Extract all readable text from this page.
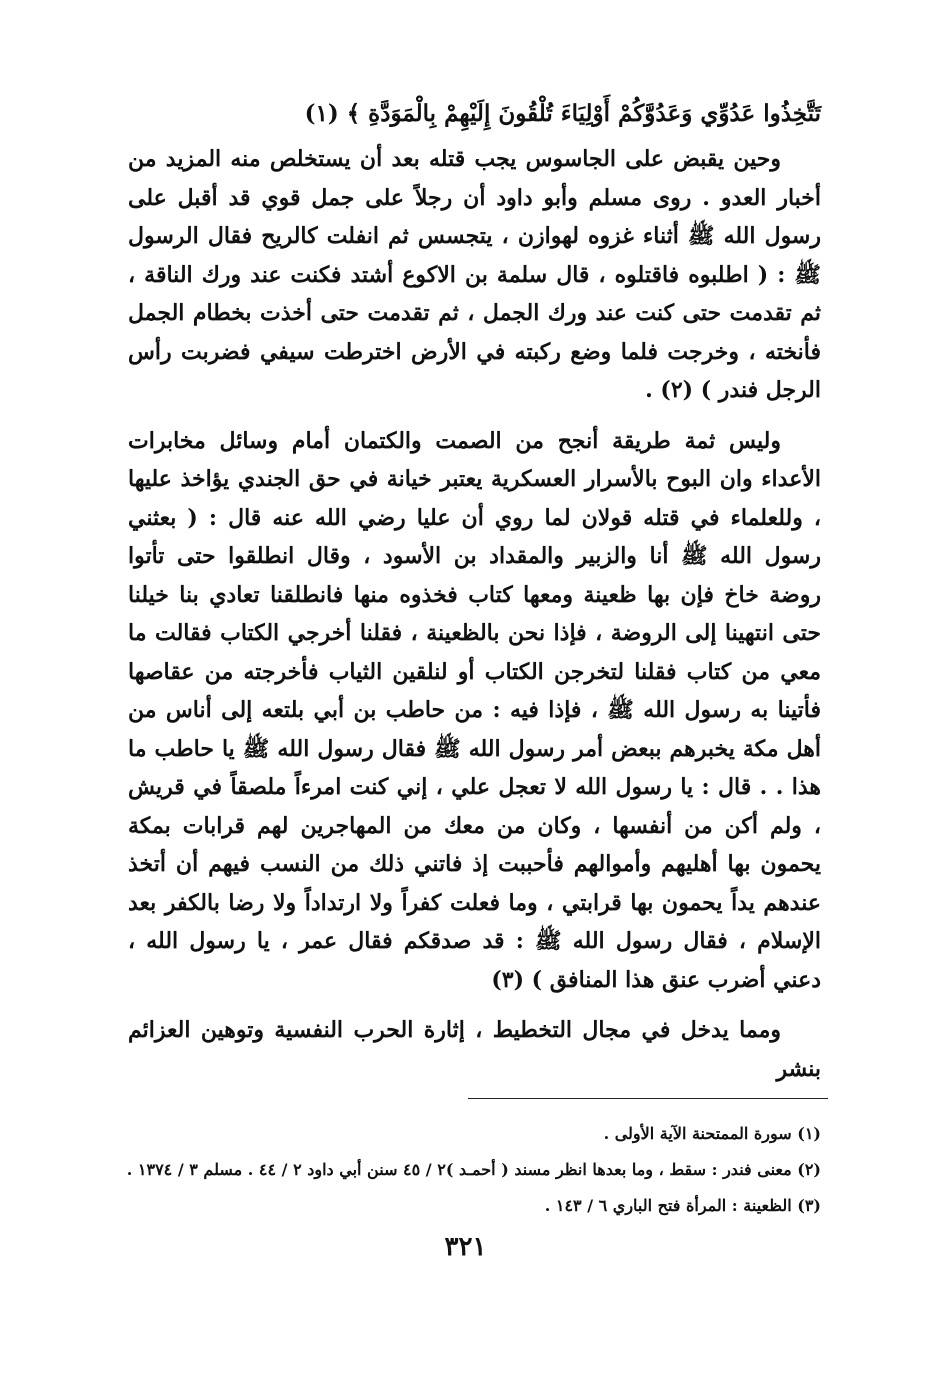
تَتَّخِذُوا عَدُوِّي وَعَدُوَّكُمْ أَوْلِيَاءَ تُلْقُونَ إِلَيْهِمْ بِالْمَوَدَّةِ ﴾ (١)

وحين يقبض على الجاسوس يجب قتله بعد أن يستخلص منه المزيد من أخبار العدو . روى مسلم وأبو داود أن رجلاً على جمل قوي قد أقبل على رسول الله ﷺ أثناء غزوه لهوازن ، يتجسس ثم انفلت كالريح فقال الرسول ﷺ : ( اطلبوه فاقتلوه ، قال سلمة بن الاكوع أشتد فكنت عند ورك الناقة ، ثم تقدمت حتى كنت عند ورك الجمل ، ثم تقدمت حتى أخذت بخطام الجمل فأنخته ، وخرجت فلما وضع ركبته في الأرض اخترطت سيفي فضربت رأس الرجل فندر ) (٢) .

وليس ثمة طريقة أنجح من الصمت والكتمان أمام وسائل مخابرات الأعداء وان البوح بالأسرار العسكرية يعتبر خيانة في حق الجندي يؤاخذ عليها ، وللعلماء في قتله قولان لما روي أن عليا رضي الله عنه قال : ( بعثني رسول الله ﷺ أنا والزبير والمقداد بن الأسود ، وقال انطلقوا حتى تأتوا روضة خاخ فإن بها ظعينة ومعها كتاب فخذوه منها فانطلقنا تعادي بنا خيلنا حتى انتهينا إلى الروضة ، فإذا نحن بالظعينة ، فقلنا أخرجي الكتاب فقالت ما معي من كتاب فقلنا لتخرجن الكتاب أو لنلقين الثياب فأخرجته من عقاصها فأتينا به رسول الله ﷺ ، فإذا فيه : من حاطب بن أبي بلتعه إلى أناس من أهل مكة يخبرهم ببعض أمر رسول الله ﷺ فقال رسول الله ﷺ يا حاطب ما هذا . . قال : يا رسول الله لا تعجل علي ، إني كنت امرءاً ملصقاً في قريش ، ولم أكن من أنفسها ، وكان من معك من المهاجرين لهم قرابات بمكة يحمون بها أهليهم وأموالهم فأحببت إذ فاتني ذلك من النسب فيهم أن أتخذ عندهم يداً يحمون بها قرابتي ، وما فعلت كفراً ولا ارتداداً ولا رضا بالكفر بعد الإسلام ، فقال رسول الله ﷺ : قد صدقكم فقال عمر ، يا رسول الله ، دعني أضرب عنق هذا المنافق ) (٣)

ومما يدخل في مجال التخطيط ، إثارة الحرب النفسية وتوهين العزائم بنشر

(١) سورة الممتحنة الآية الأولى .

(٢) معنى فندر : سقط ، وما بعدها انظر مسند ( أحمـد )٢ / ٤٥ سنن أبي داود ٢ / ٤٤ . مسلم ٣ / ١٣٧٤ .

(٣) الظعينة : المرأة فتح الباري ٦ / ١٤٣ .

٣٢١
